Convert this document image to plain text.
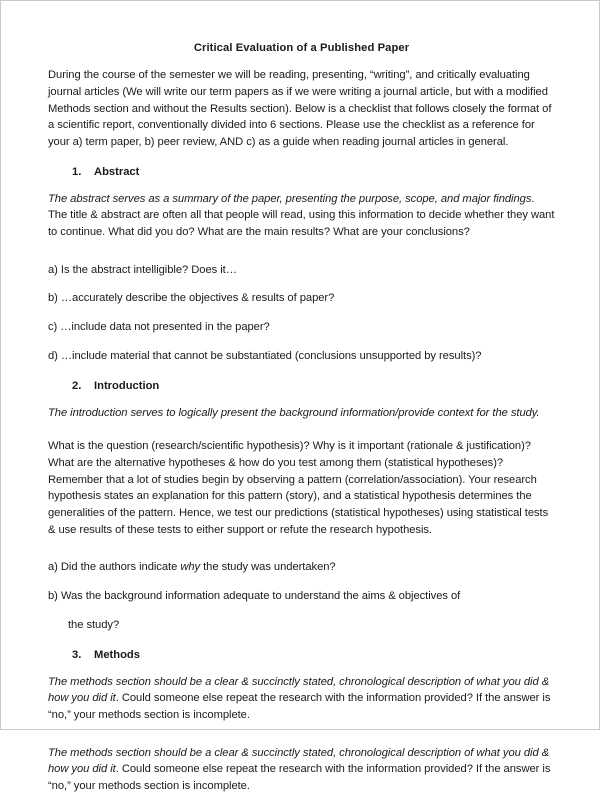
Critical Evaluation of a Published Paper

During the course of the semester we will be reading, presenting, “writing”, and critically evaluating journal articles (We will write our term papers as if we were writing a journal article, but with a modified Methods section and without the Results section). Below is a checklist that follows closely the format of a scientific report, conventionally divided into 6 sections. Please use the checklist as a reference for your a) term paper, b) peer review, AND c) as a guide when reading journal articles in general.

1.	Abstract

The abstract serves as a summary of the paper, presenting the purpose, scope, and major findings. The title & abstract are often all that people will read, using this information to decide whether they want to continue. What did you do? What are the main results? What are your conclusions?

a) Is the abstract intelligible? Does it…

b) …accurately describe the objectives & results of paper?

c) …include data not presented in the paper?

d) …include material that cannot be substantiated (conclusions unsupported by results)?

2.	Introduction

The introduction serves to logically present the background information/provide context for the study.

What is the question (research/scientific hypothesis)? Why is it important (rationale & justification)? What are the alternative hypotheses & how do you test among them (statistical hypotheses)? Remember that a lot of studies begin by observing a pattern (correlation/association). Your research hypothesis states an explanation for this pattern (story), and a statistical hypothesis determines the generalities of the pattern. Hence, we test our predictions (statistical hypotheses) using statistical tests & use results of these tests to either support or refute the research hypothesis.

a) Did the authors indicate why the study was undertaken?

b) Was the background information adequate to understand the aims & objectives of

the study?

3.	Methods

The methods section should be a clear & succinctly stated, chronological description of what you did & how you did it. Could someone else repeat the research with the information provided? If the answer is “no,” your methods section is incomplete.

The methods section should be a clear & succinctly stated, chronological description of what you did & how you did it. Could someone else repeat the research with the information provided? If the answer is “no,” your methods section is incomplete.
